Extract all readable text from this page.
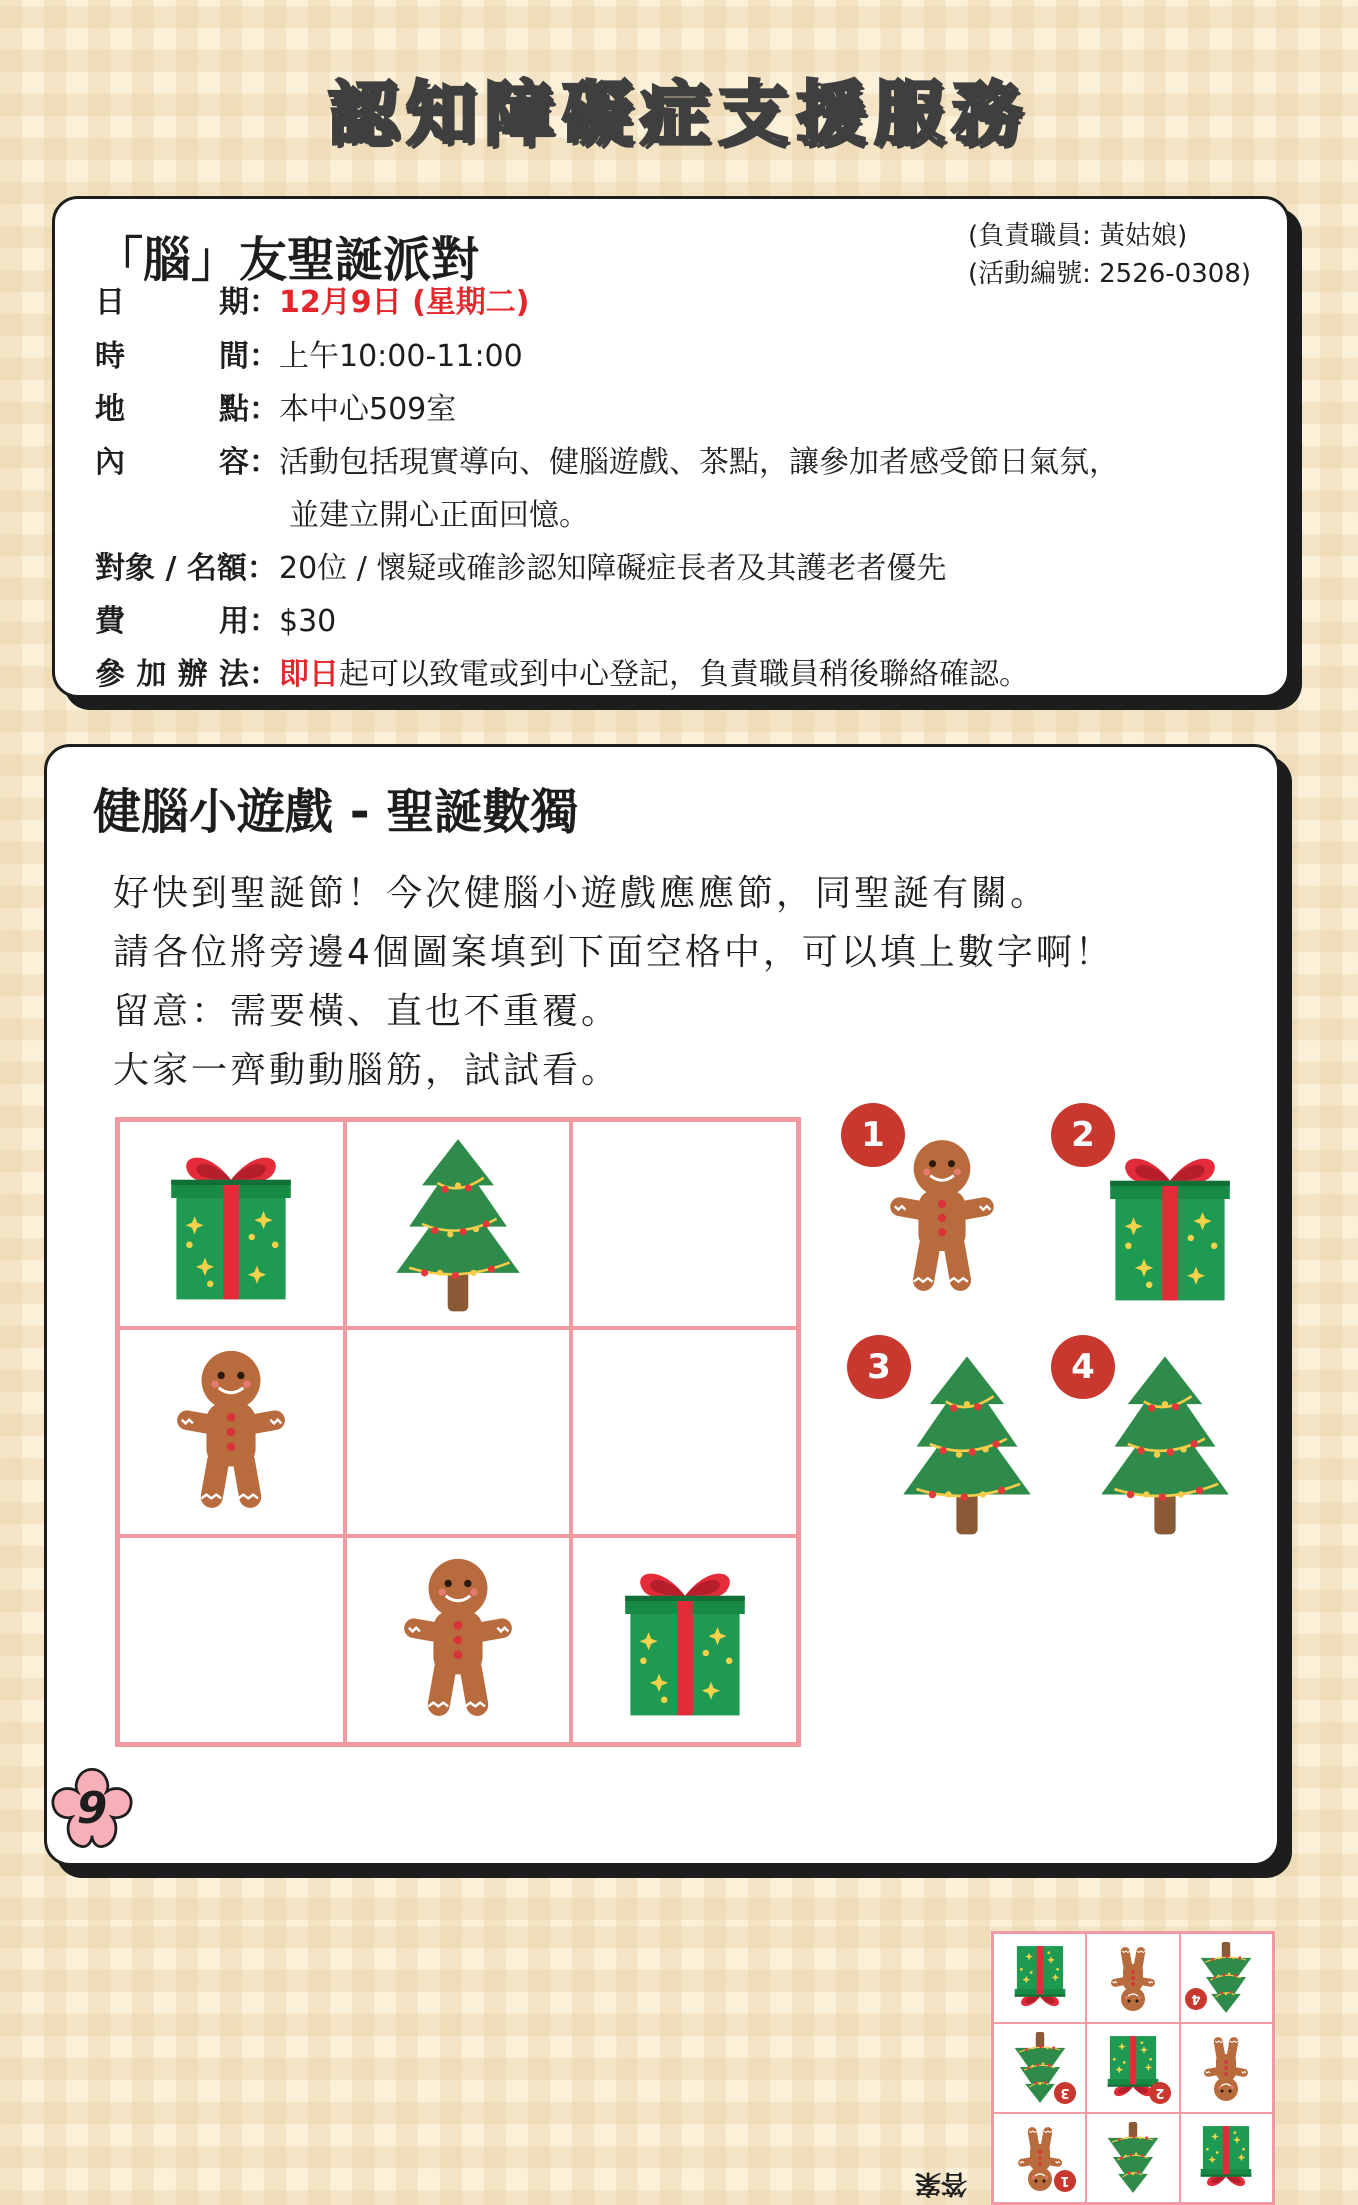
認知障礙症支援服務
「腦」友聖誕派對	(負責職員: 黃姑娘)
(活動編號: 2526-0308)
日	期： 12月9日 (星期二)
時	間： 上午10:00-11:00
地	點： 本中心509室
內	容： 活動包括現實導向、健腦遊戲、茶點，讓參加者感受節日氣氛，
並建立開心正面回憶。
對象 / 名額：20位 / 懷疑或確診認知障礙症長者及其護老者優先
費	用： $30
參 加 辦 法： 即日起可以致電或到中心登記，負責職員稍後聯絡確認。
健腦小遊戲 - 聖誕數獨
好快到聖誕節！今次健腦小遊戲應應節，同聖誕有關。
請各位將旁邊4個圖案填到下面空格中，可以填上數字啊！
留意：需要橫、直也不重覆。
大家一齊動動腦筋，試試看。
1	2
3	4
4
3	2
1
答案
9
